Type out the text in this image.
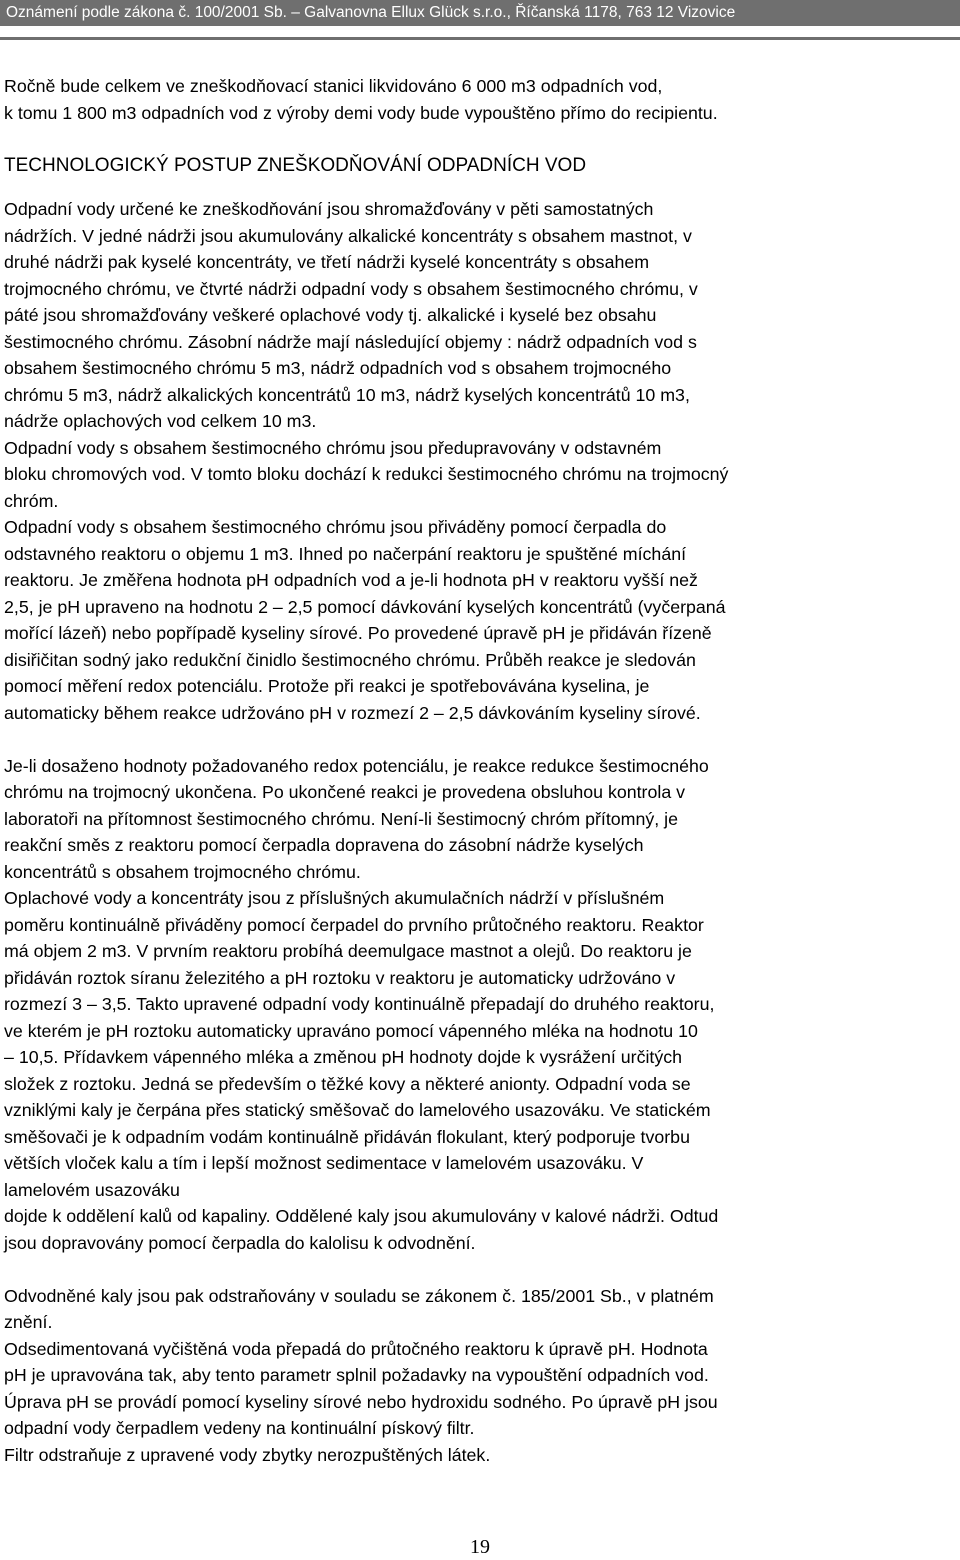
Oznámení podle zákona č. 100/2001 Sb. – Galvanovna Ellux Glück s.r.o., Říčanská 1178, 763 12 Vizovice

Ročně bude celkem ve zneškodňovací stanici likvidováno 6 000 m3 odpadních vod,
k tomu 1 800 m3 odpadních vod z výroby demi vody bude vypouštěno přímo do recipientu.

TECHNOLOGICKÝ POSTUP ZNEŠKODŇOVÁNÍ ODPADNÍCH VOD

Odpadní vody určené ke zneškodňování jsou shromažďovány v pěti samostatných
nádržích. V jedné nádrži jsou akumulovány alkalické koncentráty s obsahem mastnot, v
druhé nádrži pak kyselé koncentráty, ve třetí nádrži kyselé koncentráty s obsahem
trojmocného chrómu, ve čtvrté nádrži odpadní vody s obsahem šestimocného chrómu, v
páté jsou shromažďovány veškeré oplachové vody tj. alkalické i kyselé bez obsahu
šestimocného chrómu. Zásobní nádrže mají následující objemy : nádrž odpadních vod s
obsahem šestimocného chrómu 5 m3, nádrž odpadních vod s obsahem trojmocného
chrómu 5 m3, nádrž alkalických koncentrátů 10 m3, nádrž kyselých koncentrátů 10 m3,
nádrže oplachových vod celkem 10 m3.

Odpadní vody s obsahem šestimocného chrómu jsou předupravovány v odstavném
bloku chromových vod. V tomto bloku dochází k redukci šestimocného chrómu na trojmocný
chróm.

Odpadní vody s obsahem šestimocného chrómu jsou přiváděny pomocí čerpadla do
odstavného reaktoru o objemu 1 m3. Ihned po načerpání reaktoru je spuštěné míchání
reaktoru. Je změřena hodnota pH odpadních vod a je-li hodnota pH v reaktoru vyšší než
2,5, je pH upraveno na hodnotu 2 – 2,5 pomocí dávkování kyselých koncentrátů (vyčerpaná
mořící lázeň) nebo popřípadě kyseliny sírové. Po provedené úpravě pH je přidáván řízeně
disiřičitan sodný jako redukční činidlo šestimocného chrómu. Průběh reakce je sledován
pomocí měření redox potenciálu. Protože při reakci je spotřebovávána kyselina, je
automaticky během reakce udržováno pH v rozmezí 2 – 2,5 dávkováním kyseliny sírové.

Je-li dosaženo hodnoty požadovaného redox potenciálu, je reakce redukce šestimocného
chrómu na trojmocný ukončena. Po ukončené reakci je provedena obsluhou kontrola v
laboratoři na přítomnost šestimocného chrómu. Není-li šestimocný chróm přítomný, je
reakční směs z reaktoru pomocí čerpadla dopravena do zásobní nádrže kyselých
koncentrátů s obsahem trojmocného chrómu.

Oplachové vody a koncentráty jsou z příslušných akumulačních nádrží v příslušném
poměru kontinuálně přiváděny pomocí čerpadel do prvního průtočného reaktoru. Reaktor
má objem 2 m3. V prvním reaktoru probíhá deemulgace mastnot a olejů. Do reaktoru je
přidáván roztok síranu železitého a pH roztoku v reaktoru je automaticky udržováno v
rozmezí 3 – 3,5. Takto upravené odpadní vody kontinuálně přepadají do druhého reaktoru,
ve kterém je pH roztoku automaticky upraváno pomocí vápenného mléka na hodnotu 10
– 10,5. Přídavkem vápenného mléka a změnou pH hodnoty dojde k vysrážení určitých
složek z roztoku. Jedná se především o těžké kovy a některé anionty. Odpadní voda se
vzniklými kaly je čerpána přes statický směšovač do lamelového usazováku. Ve statickém
směšovači je k odpadním vodám kontinuálně přidáván flokulant, který podporuje tvorbu
větších vloček kalu a tím i lepší možnost sedimentace v lamelovém usazováku. V
lamelovém usazováku
dojde k oddělení kalů od kapaliny. Oddělené kaly jsou akumulovány v kalové nádrži. Odtud
jsou dopravovány pomocí čerpadla do kalolisu k odvodnění.

Odvodněné kaly jsou pak odstraňovány v souladu se zákonem č. 185/2001 Sb., v platném
znění.

Odsedimentovaná vyčištěná voda přepadá do průtočného reaktoru k úpravě pH. Hodnota
pH je upravována tak, aby tento parametr splnil požadavky na vypouštění odpadních vod.
Úprava pH se provádí pomocí kyseliny sírové nebo hydroxidu sodného. Po úpravě pH jsou
odpadní vody čerpadlem vedeny na kontinuální pískový filtr.

Filtr odstraňuje z upravené vody zbytky nerozpuštěných látek.

19
